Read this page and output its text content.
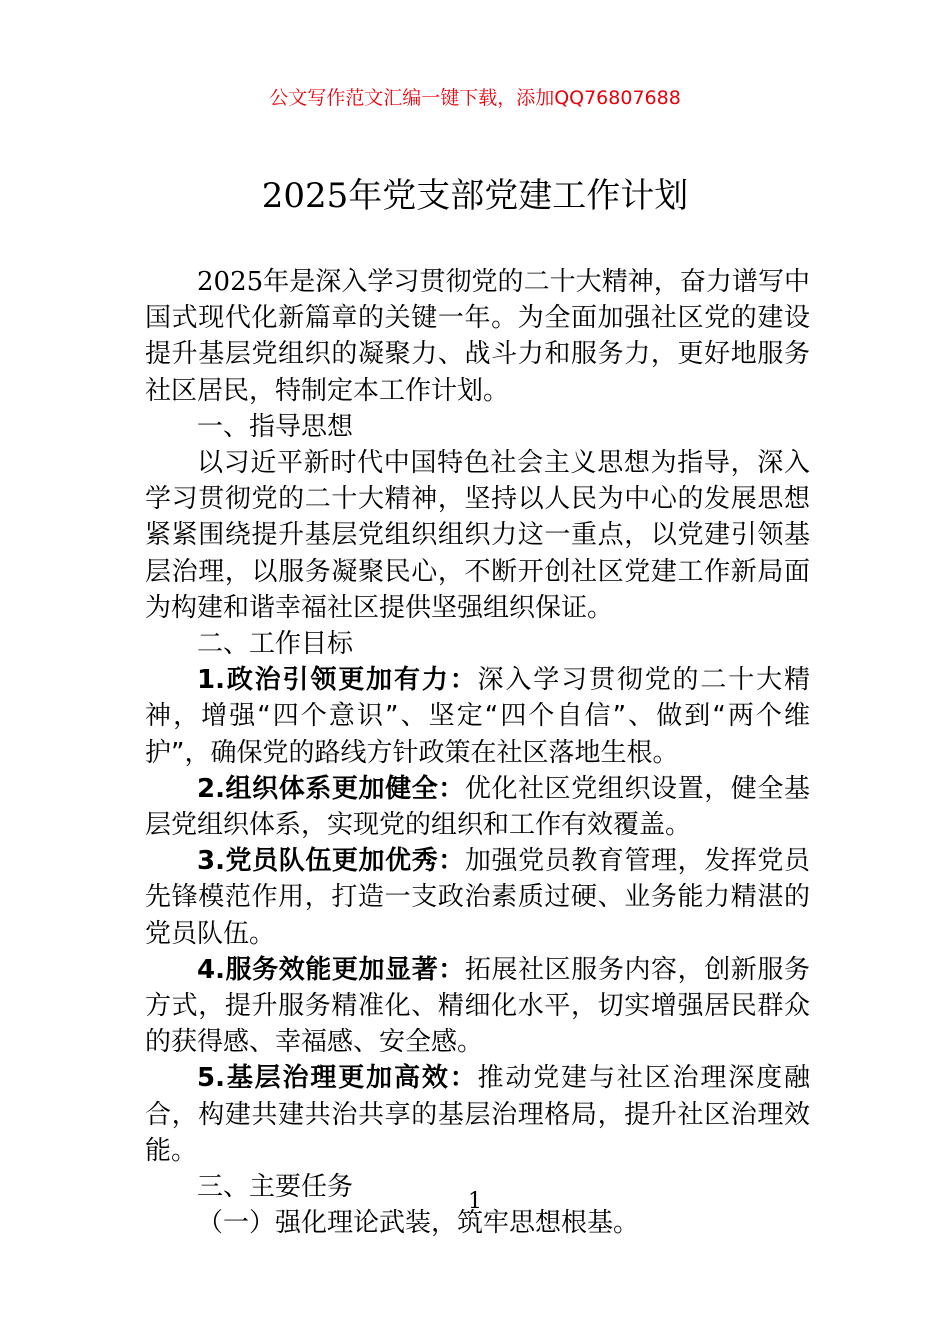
公文写作范文汇编一键下载，添加QQ76807688
2025年党支部党建工作计划

2025年是深入学习贯彻党的二十大精神，奋力谱写中国式现代化新篇章的关键一年。为全面加强社区党的建设提升基层党组织的凝聚力、战斗力和服务力，更好地服务社区居民，特制定本工作计划。

一、指导思想

以习近平新时代中国特色社会主义思想为指导，深入学习贯彻党的二十大精神，坚持以人民为中心的发展思想紧紧围绕提升基层党组织组织力这一重点，以党建引领基层治理，以服务凝聚民心，不断开创社区党建工作新局面为构建和谐幸福社区提供坚强组织保证。

二、工作目标

1.政治引领更加有力：深入学习贯彻党的二十大精神，增强“四个意识”、坚定“四个自信”、做到“两个维护”，确保党的路线方针政策在社区落地生根。

2.组织体系更加健全：优化社区党组织设置，健全基层党组织体系，实现党的组织和工作有效覆盖。

3.党员队伍更加优秀：加强党员教育管理，发挥党员先锋模范作用，打造一支政治素质过硬、业务能力精湛的党员队伍。

4.服务效能更加显著：拓展社区服务内容，创新服务方式，提升服务精准化、精细化水平，切实增强居民群众的获得感、幸福感、安全感。

5.基层治理更加高效：推动党建与社区治理深度融合，构建共建共治共享的基层治理格局，提升社区治理效能。

三、主要任务

（一）强化理论武装，筑牢思想根基。

1
